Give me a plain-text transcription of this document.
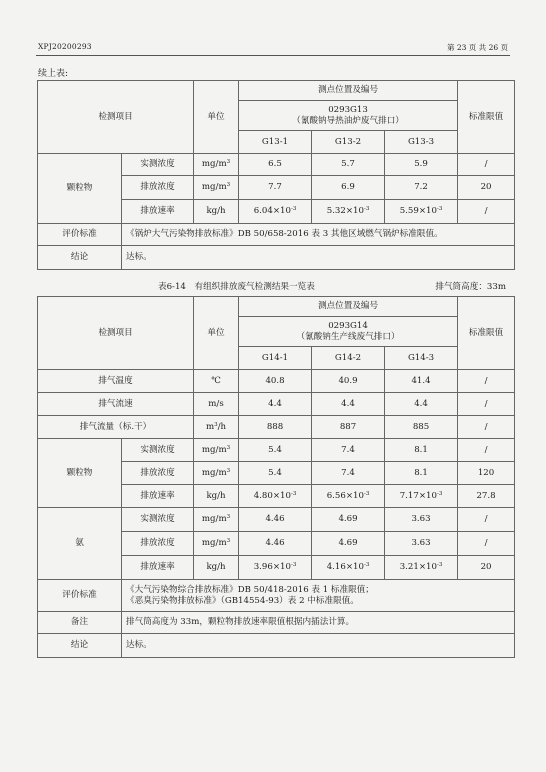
XPJ20200293	第 23 页 共 26 页
续上表:
检测项目		单位	测点位置及编号			标准限值

			0293G13
（氰酸钠导热油炉废气排口）			

			G13-1	G13-2	G13-3	
颗粒物	实测浓度	$mg/m^3$	6.5	5.7	5.9	/
	排放浓度	$mg/m^3$	7.7	6.9	7.2	20
	排放速率	kg/h	$6.04\times 10^{-3}$	$5.32\times 10^{-3}$	$5.59\times 10^{-3}$	/
评价标准	《锅炉大气污染物排放标准》DB 50/658-2016 表 3 其他区域燃气锅炉标准限值。					
结论	达标。					
表6-14　有组织排放废气检测结果一览表	排气筒高度：33m
检测项目		单位	测点位置及编号			标准限值

			0293G14
（氰酸钠生产线废气排口）			

			G14-1	G14-2	G14-3	
排气温度		℃	40.8	40.9	41.4	/
排气流速		m/s	4.4	4.4	4.4	/
排气流量（标.干）		$m^3/h$	888	887	885	/
颗粒物	实测浓度	$mg/m^3$	5.4	7.4	8.1	/
	排放浓度	$mg/m^3$	5.4	7.4	8.1	120
	排放速率	kg/h	$4.80\times 10^{-3}$	$6.56\times 10^{-3}$	$7.17\times 10^{-3}$	27.8
氨	实测浓度	$mg/m^3$	4.46	4.69	3.63	/
	排放浓度	$mg/m^3$	4.46	4.69	3.63	/
	排放速率	kg/h	$3.96\times 10^{-3}$	$4.16\times 10^{-3}$	$3.21\times 10^{-3}$	20
评价标准	《大气污染物综合排放标准》DB 50/418-2016 表 1 标准限值；
《恶臭污染物排放标准》（GB14554-93）表 2 中标准限值。					

备注	排气筒高度为 33m，颗粒物排放速率限值根据内插法计算。					
结论	达标。					
